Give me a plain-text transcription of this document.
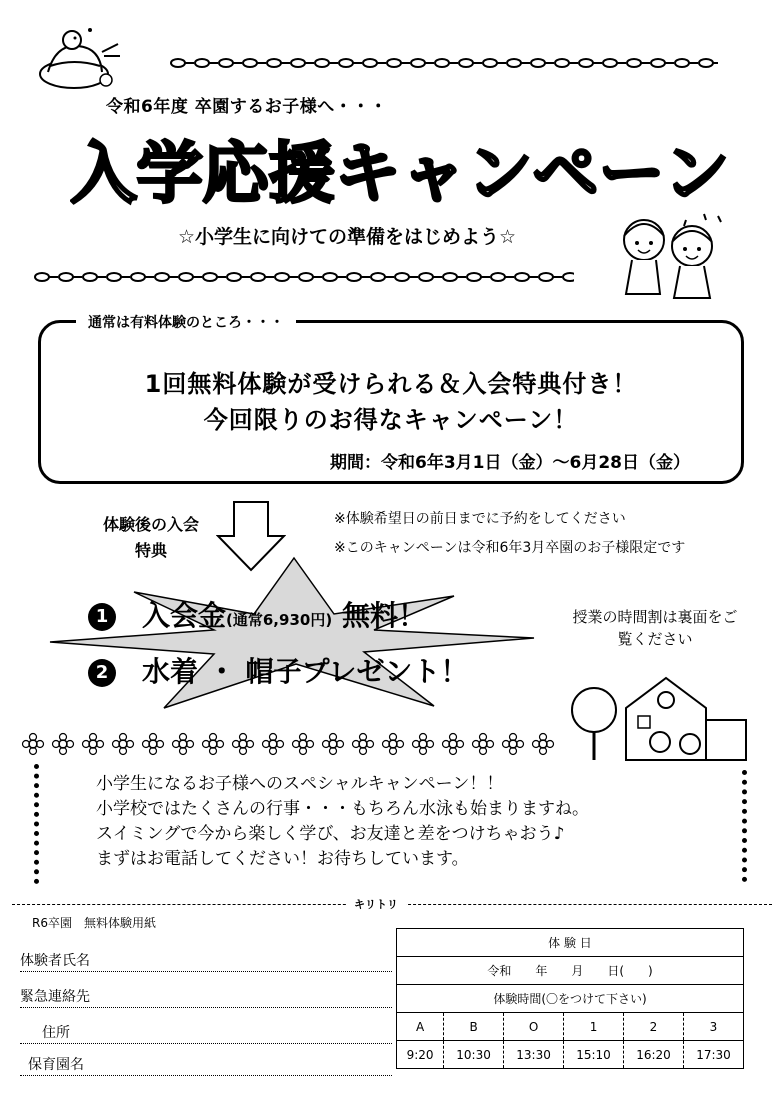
令和6年度 卒園するお子様へ・・・
入学応援キャンペーン
☆小学生に向けての準備をはじめよう☆
通常は有料体験のところ・・・
1回無料体験が受けられる＆入会特典付き！
今回限りのお得なキャンペーン！
期間：令和6年3月1日（金）～6月28日（金）
体験後の入会特典
※体験希望日の前日までに予約をしてください
※このキャンペーンは令和6年3月卒園のお子様限定です
1 入会金(通常6,930円) 無料！
2 水着 ・ 帽子プレゼント！
授業の時間割は裏面をご覧ください
小学生になるお子様へのスペシャルキャンペーン！！
小学校ではたくさんの行事・・・もちろん水泳も始まりますね。
スイミングで今から楽しく学び、お友達と差をつけちゃおう♪
まずはお電話してください！お待ちしています。
キリトリ
R6卒園　無料体験用紙
体験者氏名
緊急連絡先
住所
保育園名
体 験 日					
令和　　年　　月　　日(　　)					
体験時間(〇をつけて下さい)					
A	B	O	1	2	3
9:20	10:30	13:30	15:10	16:20	17:30
